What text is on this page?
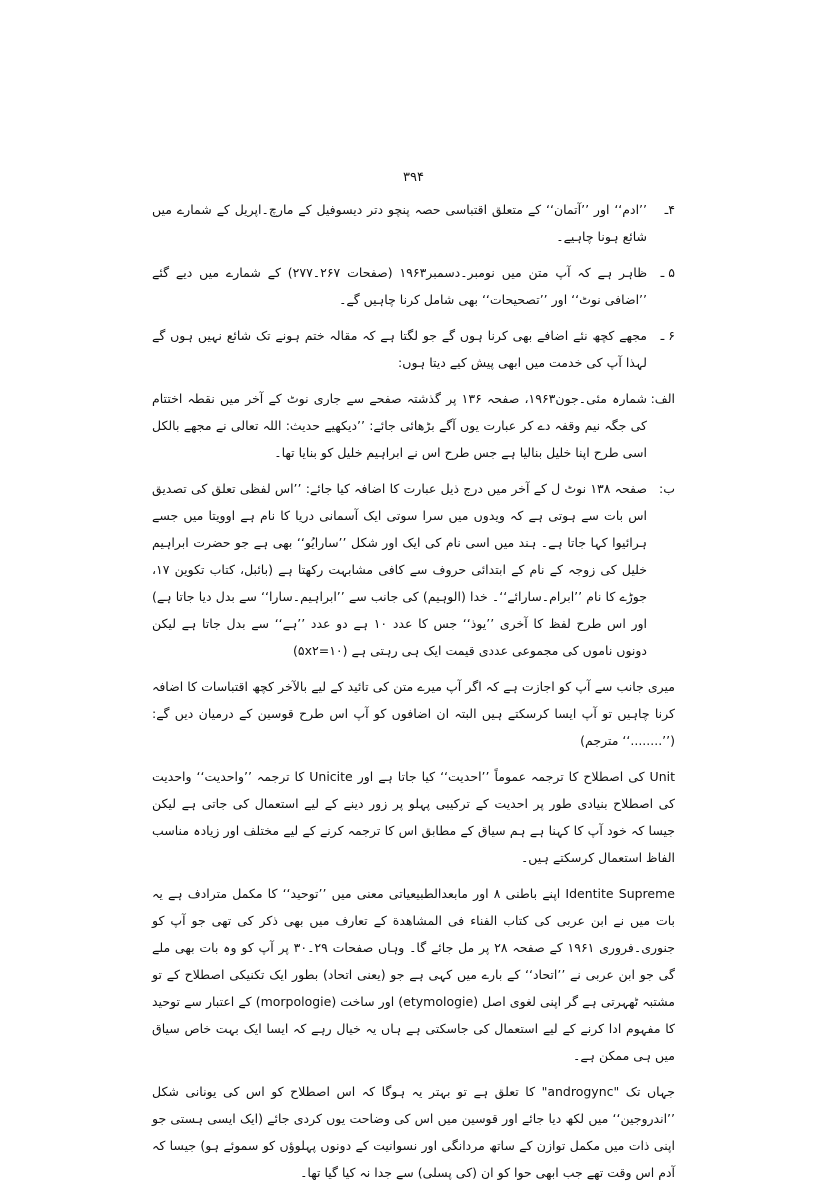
۳۹۴
۴ـ
’’ادم‘‘ اور ’’آتمان‘‘ کے متعلق اقتباسی حصہ پنچو دتر دیسوفیل کے مارچ۔اپریل کے شمارے میں شائع ہونا چاہیے۔
۵ ـ
ظاہر ہے کہ آپ متن میں نومبر۔دسمبر۱۹۶۳ (صفحات ۲۶۷۔۲۷۷) کے شمارے میں دیے گئے ’’اضافی نوٹ‘‘ اور ’’تصحیحات‘‘ بھی شامل کرنا چاہیں گے۔
۶ ـ
مجھے کچھ نئے اضافے بھی کرنا ہوں گے جو لگتا ہے کہ مقالہ ختم ہونے تک شائع نہیں ہوں گے لہذا آپ کی خدمت میں ابھی پیش کیے دیتا ہوں:
الف:
شمارہ مئی۔جون۱۹۶۳، صفحہ ۱۳۶ پر گذشتہ صفحے سے جاری نوٹ کے آخر میں نقطہ اختتام کی جگہ نیم وقفہ دے کر عبارت یوں آگے بڑھائی جائے: ’’دیکھیے حدیث: اللہ تعالی نے مجھے بالکل اسی طرح اپنا خلیل بنالیا ہے جس طرح اس نے ابراہیم خلیل کو بنایا تھا۔
ب:
صفحہ ۱۳۸ نوٹ ل کے آخر میں درج ذیل عبارت کا اضافہ کیا جائے: ’’اس لفظی تعلق کی تصدیق اس بات سے ہوتی ہے کہ ویدوں میں سرا سوتی ایک آسمانی دریا کا نام ہے اوویتا میں جسے ہرائیوا کہا جاتا ہے۔ ہند میں اسی نام کی ایک اور شکل ’’سارایُو‘‘ بھی ہے جو حضرت ابراہیم خلیل کی زوجہ کے نام کے ابتدائی حروف سے کافی مشابہت رکھتا ہے (بائبل، کتاب تکوین ۱۷، جوڑے کا نام ’’ابرام۔سارائے‘‘۔ خدا (الوہیم) کی جانب سے ’’ابراہیم۔سارا‘‘ سے بدل دیا جاتا ہے) اور اس طرح لفظ کا آخری ’’یوذ‘‘ جس کا عدد ۱۰ ہے دو عدد ’’ہے‘‘ سے بدل جاتا ہے لیکن دونوں ناموں کی مجموعی عددی قیمت ایک ہی رہتی ہے (۵x۲=۱۰)
میری جانب سے آپ کو اجازت ہے کہ اگر آپ میرے متن کی تائید کے لیے بالآخر کچھ اقتباسات کا اضافہ کرنا چاہیں تو آپ ایسا کرسکتے ہیں البتہ ان اضافوں کو آپ اس طرح قوسین کے درمیان دیں گے: (’’........‘‘ مترجم)
Unit کی اصطلاح کا ترجمہ عموماً ’’احدیت‘‘ کیا جاتا ہے اور Unicite کا ترجمہ ’’واحدیت‘‘ واحدیت کی اصطلاح بنیادی طور پر احدیت کے ترکیبی پہلو پر زور دینے کے لیے استعمال کی جاتی ہے لیکن جیسا کہ خود آپ کا کہنا ہے ہم سیاق کے مطابق اس کا ترجمہ کرنے کے لیے مختلف اور زیادہ مناسب الفاظ استعمال کرسکتے ہیں۔
Identite Supreme اپنے باطنی ۸ اور مابعدالطبیعیاتی معنی میں ’’توحید‘‘ کا مکمل مترادف ہے یہ بات میں نے ابن عربی کی کتاب الفناء فی المشاهدة کے تعارف میں بھی ذکر کی تھی جو آپ کو جنوری۔فروری ۱۹۶۱ کے صفحہ ۲۸ پر مل جائے گا۔ وہاں صفحات ۲۹۔۳۰ پر آپ کو وہ بات بھی ملے گی جو ابن عربی نے ’’اتحاد‘‘ کے بارے میں کہی ہے جو (یعنی اتحاد) بطور ایک تکنیکی اصطلاح کے تو مشتبہ ٹھہرتی ہے گر اپنی لغوی اصل (etymologie) اور ساخت (morpologie) کے اعتبار سے توحید کا مفہوم ادا کرنے کے لیے استعمال کی جاسکتی ہے ہاں یہ خیال رہے کہ ایسا ایک بہت خاص سیاق میں ہی ممکن ہے۔
جہاں تک "androgync" کا تعلق ہے تو بہتر یہ ہوگا کہ اس اصطلاح کو اس کی یونانی شکل ’’اندروجین‘‘ میں لکھ دیا جائے اور قوسین میں اس کی وضاحت یوں کردی جائے (ایک ایسی ہستی جو اپنی ذات میں مکمل توازن کے ساتھ مردانگی اور نسوانیت کے دونوں پہلوؤں کو سموئے ہو) جیسا کہ آدم اس وقت تھے جب ابھی حوا کو ان (کی پسلی) سے جدا نہ کیا گیا تھا۔
